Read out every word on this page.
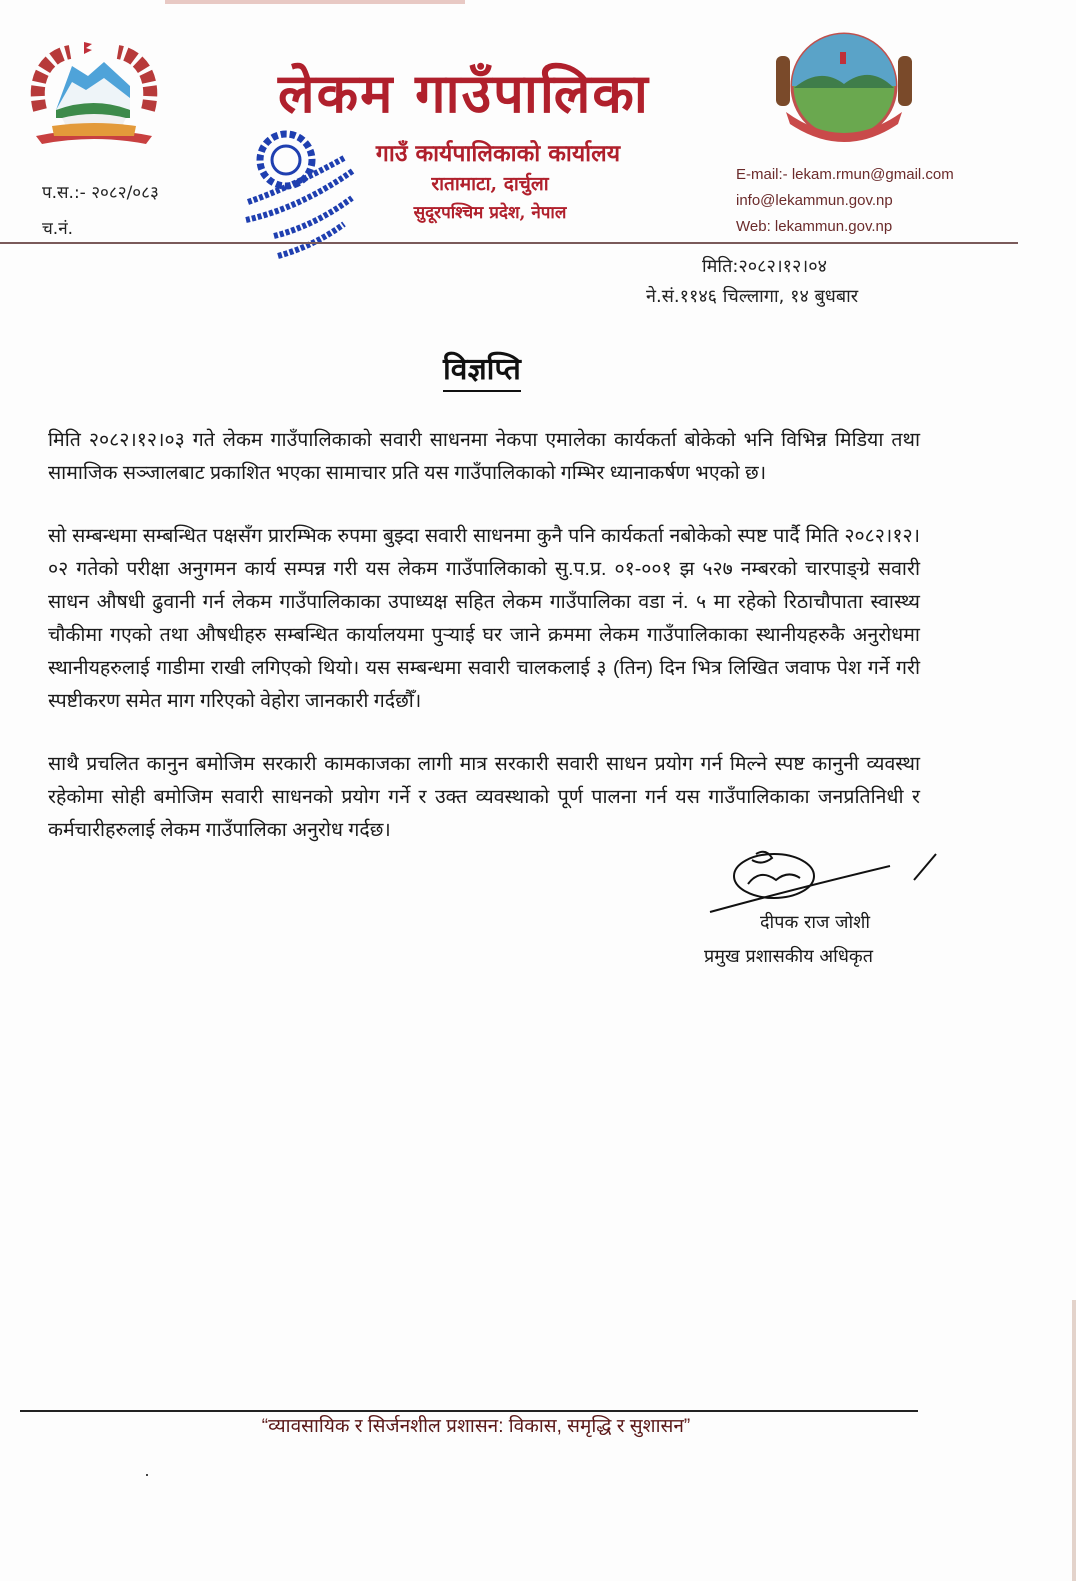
लेकम गाउँपालिका
गाउँ कार्यपालिकाको कार्यालय
रातामाटा, दार्चुला
सुदूरपश्चिम प्रदेश, नेपाल
प.स.:- २०८२/०८३
च.नं.
E-mail:- lekam.rmun@gmail.com
info@lekammun.gov.np
Web: lekammun.gov.np
मिति:२०८२।१२।०४
ने.सं.११४६ चिल्लागा, १४ बुधबार
विज्ञप्ति
मिति २०८२।१२।०३ गते लेकम गाउँपालिकाको सवारी साधनमा नेकपा एमालेका कार्यकर्ता बोकेको भनि विभिन्न मिडिया तथा सामाजिक सञ्जालबाट प्रकाशित भएका सामाचार प्रति यस गाउँपालिकाको गम्भिर ध्यानाकर्षण भएको छ।
सो सम्बन्धमा सम्बन्धित पक्षसँग प्रारम्भिक रुपमा बुझ्दा सवारी साधनमा कुनै पनि कार्यकर्ता नबोकेको स्पष्ट पार्दै मिति २०८२।१२।०२ गतेको परीक्षा अनुगमन कार्य सम्पन्न गरी यस लेकम गाउँपालिकाको सु.प.प्र. ०१-००१ झ ५२७ नम्बरको चारपाङ्ग्रे सवारी साधन औषधी ढुवानी गर्न लेकम गाउँपालिकाका उपाध्यक्ष सहित लेकम गाउँपालिका वडा नं. ५ मा रहेको रिठाचौपाता स्वास्थ्य चौकीमा गएको तथा औषधीहरु सम्बन्धित कार्यालयमा पुऱ्याई घर जाने क्रममा लेकम गाउँपालिकाका स्थानीयहरुकै अनुरोधमा स्थानीयहरुलाई गाडीमा राखी लगिएको थियो। यस सम्बन्धमा सवारी चालकलाई ३ (तिन) दिन भित्र लिखित जवाफ पेश गर्ने गरी स्पष्टीकरण समेत माग गरिएको वेहोरा जानकारी गर्दछौँ।
साथै प्रचलित कानुन बमोजिम सरकारी कामकाजका लागी मात्र सरकारी सवारी साधन प्रयोग गर्न मिल्ने स्पष्ट कानुनी व्यवस्था रहेकोमा सोही बमोजिम सवारी साधनको प्रयोग गर्ने र उक्त व्यवस्थाको पूर्ण पालना गर्न यस गाउँपालिकाका जनप्रतिनिधी र कर्मचारीहरुलाई लेकम गाउँपालिका अनुरोध गर्दछ।
दीपक राज जोशी
प्रमुख प्रशासकीय अधिकृत
“व्यावसायिक र सिर्जनशील प्रशासन: विकास, समृद्धि र सुशासन”
